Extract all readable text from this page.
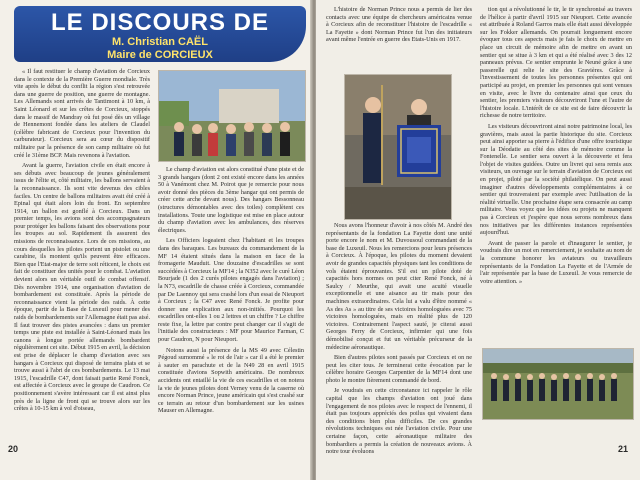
LE DISCOURS DE
M. Christian CAËL
Maire de CORCIEUX

« Il faut restituer le champ d'aviation de Corcieux dans le contexte de la Première Guerre mondiale. Très vite après le début du conflit la région s'est retrouvée dans une guerre de position, une guerre de montagne. Les Allemands sont arrivés de Tantimont à 10 km, à Saint Léonard et sur les crêtes de Corcieux, stoppés dans le massif de Mandray où fut posé dès un village de Hennemont fondée dans les ateliers de Claudel (célèbre fabricant de Corcieux pour l'invention du carburateur). Corcieux sera au cœur du dispositif militaire par la présence de son camp militaire où fut créé le 31ème BCP. Mais revenons à l'aviation.

Avant la guerre, l'aviation civile en était encore à ses débuts avec beaucoup de jeunes généralement issus de l'élite et, côté militaire, les ballons servaient à la reconnaissance. Ils sont vite devenus des cibles faciles. Un centre de ballons militaires avait été créé à Epinal qui était alors loin du front. En septembre 1914, un ballon est gonflé à Corcieux. Dans un premier temps, les avions sont des accompagnateurs pour protéger les ballons faisant des observations pour les troupes au sol. Rapidement ils assurent des missions de reconnaissance. Lors de ces missions, au cours desquelles les pilotes portent un pistolet ou une carabine, ils montent qu'ils peuvent être efficaces. Bien que l'Etat-major de terre soit réticent, le choix est fait de constituer des unités pour le combat. L'aviation devient alors un véritable outil de combat offensif. Dès novembre 1914, une organisation d'aviation de bombardement est constituée. Après la période de reconnaissance vient la période des raids. À cette époque, partir de la Base de Luxeuil pour mener des raids de bombardements sur l'Allemagne était pas aisé. Il faut trouver des pistes avancées : dans un premier temps une piste est installée à Saint-Léonard mais les canons à longue portée allemands bombardent régulièrement cet site. Début 1915 en avril, la décision est prise de déplacer le champ d'aviation avec ses hangars à Corcieux qui disposé de terrains plats et se trouve aussi à l'abri de ces bombardements. Le 13 mai 1915, l'escadrille C47, dont faisait partie René Fonck, est affectée à Corcieux avec le groupe de Caudron. Ce positionnement s'avère intéressant car il est ainsi plus près de la ligne de front qui se trouve alors sur les crêtes à 10-15 km à vol d'oiseau,

Le champ d'aviation est alors constitué d'une piste et de 3 grands hangars (dont 2 ont existé encore dans les années 50 à Vanémont chez M. Poirot que je remercie pour nous avoir donné des pièces du 3ème hangar qui ont permis de créer cette arche devant nous). Des hangars Bessonneau (structures démontables avec des toiles) complètent ces installations. Toute une logistique est mise en place autour du champ d'aviation avec les ambulances, des réserves électriques.

Les Officiers logeaient chez l'habitant et les troupes dans des baraques. Les bureaux du commandement de la MF 14 étaient situés dans la maison en face de la fromagerie Mauduit. Une douzaine d'escadrilles se sont succédées à Corcieux la MF14 ; la N352 avec le curé Léon Bourjade (1 des 2 curés pilotes engagés dans l'aviation) ; la N73, escadrille de chasse créée à Corcieux, commandée par De Laennoy qui sera crashé lors d'un essai de Nieuport à Corcieux ; la C47 avec René Fonck. Je profite pour donner une explication aux non-initiés. Pourquoi les escadrilles ont-elles 1 ou 2 lettres et un chiffre ? Le chiffre reste fixe, la lettre par contre peut changer car il s'agit de l'initiale des constructeurs : MF pour Maurice Farman, C pour Caudron, N pour Nieuport.

Notons aussi la présence de la MS 49 avec Célestin Pégoud surnommé « le roi de l'air » car il a été le premier à sauter en parachute et de la N49 28 en avril 1915 constituée d'avions Sopwith américains. De nombreux accidents ont entaillé la vie de ces escadrilles et on notera la vie de jeunes pilotes dont Verney venu de la caserne où encore Norman Prince, jeune américain qui s'est crashé sur ce terrain au retour d'un bombardement sur les usines Mauser en Allemagne.

20

L'histoire de Norman Prince nous a permis de lier des contacts avec une équipe de chercheurs américains venue à Corcieux afin de reconstituer l'histoire de l'escadrille « La Fayette » dont Norman Prince fut l'un des initiateurs avant même l'entrée en guerre des Etats-Unis en 1917.

Nous avons l'honneur d'avoir à nos côtés M. André des représentants de la fondation La Fayette dont une unité porte encore le nom et M. Duvousoul commandant de la base de Luxeuil. Nous les remercions pour leurs présences à Corcieux. À l'époque, les pilotes du moment devaient avoir de grandes capacités physiques tant les conditions de vols étaient éprouvantes. S'il est un pilote doté de capacités hors normes on peut citer René Fonck, né à Saulcy / Meurthe, qui avait une acuité visuelle exceptionnelle et une aisance au tir mais pour des machines extraordinaires. Cela lui a valu d'être nommé « As des As » au titre de ses victoires homologuées avec 75 victoires homologuées, mais en réalité plus de 120 victoires. Contrairement l'aspect sauté, je citerai aussi Georges Ferry de Corcieux, infirmier qui une fois démobilisé conçut et fut un véritable précurseur de la médecine aéronautique.

Bien d'autres pilotes sont passés par Corcieux et on ne peut les citer tous. Je terminerai cette évocation par le célèbre horaire Georges Carpentier de la MF14 dont une photo le montre fièrement commandé de bord.

Je voudrais en cette circonstance ici rappeler le rôle capital que les champs d'aviation ont joué dans l'engagement de nos pilotes avec le respect de l'ennemi, il était pas toujours appréciés des poilus qui vivaient dans des conditions bien plus difficiles. De ces grandes révolutions techniques est née l'aviation civile. Pour une certaine façon, cette aéronautique militaire des bombardiers a permis la création de nouveaux avions. À notre tour évoluons

tion qui a révolutionné le tir, le tir synchronisé au travers de l'hélice à partir d'avril 1915 sur Nieuport. Cette avancée est attribuée à Roland Garros mais elle était aussi développée sur les Fokker allemands. On pourrait longuement encore évoquer tous ces aspects mais je fais le choix de mettre en place un circuit de mémoire afin de mettre en avant un sentier qui se situe à 3 km et qui a été réalisé avec 3 des 12 panneaux prévus. Ce sentier emprunte le Neuné grâce à une passerelle qui relie le site des Gravières. Grâce à l'investissement de toutes les personnes présentes qui ont participé au projet, en premier les personnes qui sont venues en visite, avec le livre du centenaire ainsi que ceux du sentier, les premiers visiteurs découvriront l'une et l'autre de l'histoire locale. L'intérêt de ce site est de faire découvrir la richesse de notre territoire.

Les visiteurs découvriront ainsi notre patrimoine local, les gravières, mais aussi la partie historique du site. Corcieux peut ainsi apporter sa pierre à l'édifice d'une offre touristique sur la Déodatie au côté des sites de mémoire comme la Fontenelle. Le sentier sera ouvert à la découverte et fera l'objet de visites guidées. Outre un livret qui sera remis aux visiteurs, un ouvrage sur le terrain d'aviation de Corcieux est en projet, piloté par la société philatélique. On peut aussi imaginer d'autres développements complémentaires à ce sentier qui trouveraient par exemple avec l'utilisation de la réalité virtuelle. Une prochaine étape sera consacrée au camp militaire. Vous voyez que les idées ou projets ne manquent pas à Corcieux et j'espère que nous serons nombreux dans nos initiatives par les différentes instances représentées aujourd'hui.

Avant de passer la parole et d'inaugurer le sentier, je voudrais dire un mot en remerciement, je souhaite au nom de la commune honorer les aviateurs ou travailleurs représentants de la Fondation La Fayette et de l'Armée de l'air représentée par la base de Luxeuil. Je vous remercie de votre attention. »

21
